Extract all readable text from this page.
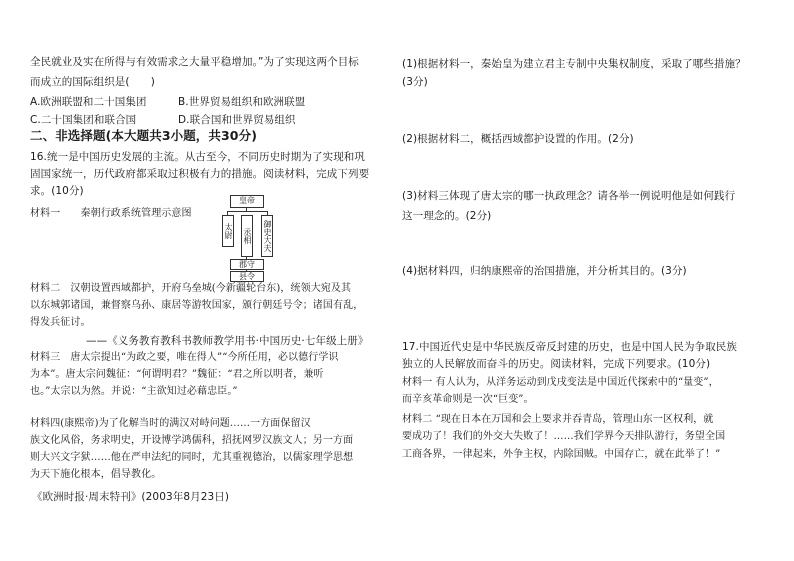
全民就业及实在所得与有效需求之大量平稳增加。”为了实现这两个目标
而成立的国际组织是(　　)
A.欧洲联盟和二十国集团	B.世界贸易组织和欧洲联盟
C.二十国集团和联合国	D.联合国和世界贸易组织
二、非选择题(本大题共3小题，共30分)
16.统一是中国历史发展的主流。从古至今，不同历史时期为了实现和巩
固国家统一，历代政府都采取过积极有力的措施。阅读材料，完成下列要
求。(10分)
材料一　　秦朝行政系统管理示意图
材料二　汉朝设置西域都护，开府乌垒城(今新疆轮台东)，统领大宛及其
以东城郭诸国，兼督察乌孙、康居等游牧国家，颁行朝廷号令；诸国有乱，
得发兵征讨。
——《义务教育教科书教师教学用书·中国历史·七年级上册》
材料三　唐太宗提出“为政之要，唯在得人”“今所任用，必以德行学识
为本”。唐太宗问魏征：“何谓明君？”魏征：“君之所以明者，兼听
也。”太宗以为然。并说：“主欲知过必藉忠臣。”
材料四(康熙帝)为了化解当时的满汉对峙问题……一方面保留汉
族文化风俗，务求明史，开设博学鸿儒科，招抚网罗汉族文人；另一方面
则大兴文字狱……他在严申法纪的同时，尤其重视德治，以儒家理学思想
为天下施化根本，倡导教化。
《欧洲时报·周末特刊》(2003年8月23日)
皇帝
太尉 丞相 御史大夫
郡守
县令
(1)根据材料一，秦始皇为建立君主专制中央集权制度，采取了哪些措施？
(3分)
(2)根据材料二，概括西域都护设置的作用。(2分)
(3)材料三体现了唐太宗的哪一执政理念？请各举一例说明他是如何践行
这一理念的。(2分)
(4)据材料四，归纳康熙帝的治国措施，并分析其目的。(3分)
17.中国近代史是中华民族反帝反封建的历史，也是中国人民为争取民族
独立的人民解放而奋斗的历史。阅读材料，完成下列要求。(10分)
材料一 有人认为，从洋务运动到戊戌变法是中国近代探索中的“量变”，
而辛亥革命则是一次“巨变”。
材料二 “现在日本在万国和会上要求并吞青岛，管理山东一区权利，就
要成功了！我们的外交大失败了！……我们学界今天排队游行，务望全国
工商各界，一律起来，外争主权，内除国贼。中国存亡，就在此举了！”
